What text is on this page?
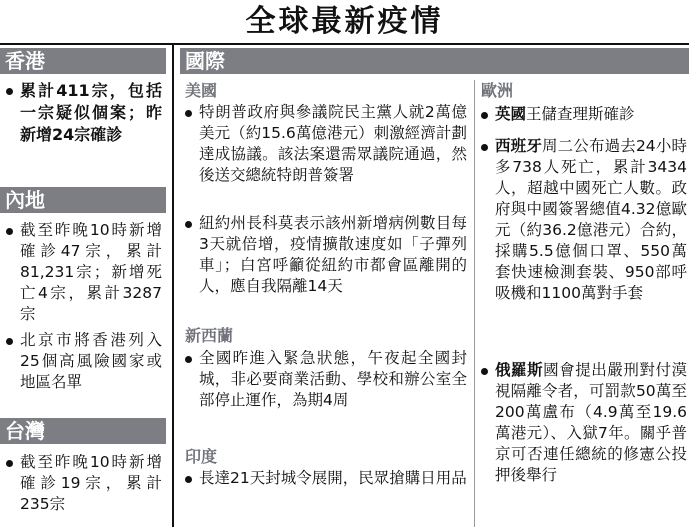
全球最新疫情
香港
累計411宗，包括一宗疑似個案；昨新增24宗確診
內地
截至昨晚10時新增確診47宗，累計81,231宗；新增死亡4宗，累計3287宗
北京市將香港列入25個高風險國家或地區名單
台灣
截至昨晚10時新增確診19宗，累計235宗
國際
美國
特朗普政府與參議院民主黨人就2萬億美元（約15.6萬億港元）刺激經濟計劃達成協議。該法案還需眾議院通過，然後送交總統特朗普簽署
紐約州長科莫表示該州新增病例數目每3天就倍增，疫情擴散速度如「子彈列車」；白宮呼籲從紐約市都會區離開的人，應自我隔離14天
新西蘭
全國昨進入緊急狀態，午夜起全國封城，非必要商業活動、學校和辦公室全部停止運作，為期4周
印度
長達21天封城令展開，民眾搶購日用品
歐洲
英國王儲查理斯確診
西班牙周二公布過去24小時多738人死亡，累計3434人，超越中國死亡人數。政府與中國簽署總值4.32億歐元（約36.2億港元）合約，採購5.5億個口罩、550萬套快速檢測套裝、950部呼吸機和1100萬對手套
俄羅斯國會提出嚴刑對付漠視隔離令者，可罰款50萬至200萬盧布（4.9萬至19.6萬港元）、入獄7年。關乎普京可否連任總統的修憲公投押後舉行
